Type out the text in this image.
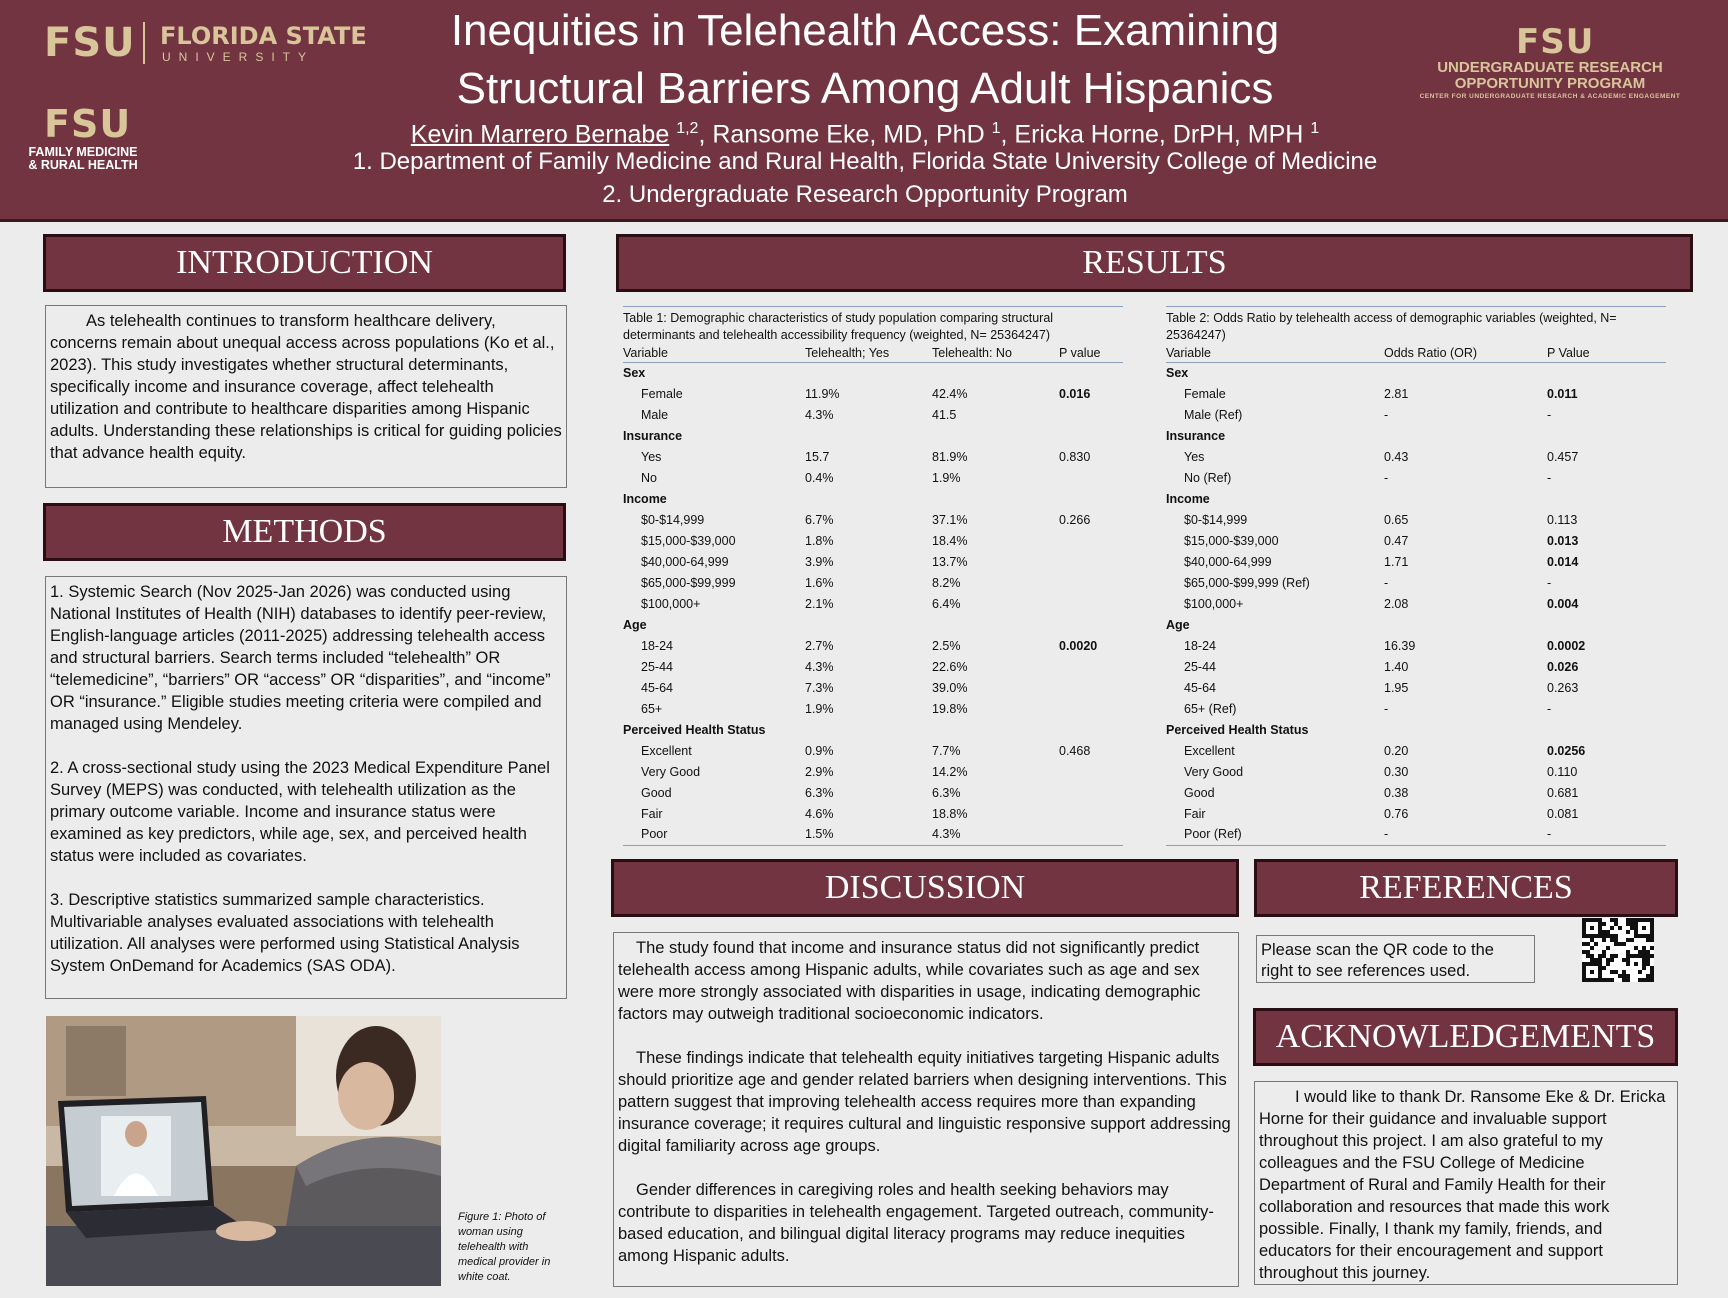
FSU FLORIDA STATE
UNIVERSITY
FSU
FAMILY MEDICINE
& RURAL HEALTH
FSU
UNDERGRADUATE RESEARCH
OPPORTUNITY PROGRAM
CENTER FOR UNDERGRADUATE RESEARCH & ACADEMIC ENGAGEMENT
Inequities in Telehealth Access: Examining
Structural Barriers Among Adult Hispanics
Kevin Marrero Bernabe $^{1,2}$, Ransome Eke, MD, PhD $^1$, Ericka Horne, DrPH, MPH $^1$
1. Department of Family Medicine and Rural Health, Florida State University College of Medicine
2. Undergraduate Research Opportunity Program
INTRODUCTION
As telehealth continues to transform healthcare delivery, concerns remain about unequal access across populations (Ko et al., 2023). This study investigates whether structural determinants, specifically income and insurance coverage, affect telehealth utilization and contribute to healthcare disparities among Hispanic adults. Understanding these relationships is critical for guiding policies that advance health equity.
METHODS

1. Systemic Search (Nov 2025-Jan 2026) was conducted using National Institutes of Health (NIH) databases to identify peer-review, English-language articles (2011-2025) addressing telehealth access and structural barriers. Search terms included “telehealth” OR “telemedicine”, “barriers” OR “access” OR “disparities”, and “income” OR “insurance.” Eligible studies meeting criteria were compiled and managed using Mendeley.

2. A cross-sectional study using the 2023 Medical Expenditure Panel Survey (MEPS) was conducted, with telehealth utilization as the primary outcome variable. Income and insurance status were examined as key predictors, while age, sex, and perceived health status were included as covariates.

3. Descriptive statistics summarized sample characteristics. Multivariable analyses evaluated associations with telehealth utilization. All analyses were performed using Statistical Analysis System OnDemand for Academics (SAS ODA).

Figure 1: Photo of woman using telehealth with medical provider in white coat.
RESULTS
Table 1: Demographic characteristics of study population comparing structural determinants and telehealth accessibility frequency (weighted, N= 25364247)
Variable	Telehealth; Yes	Telehealth: No	P value
Sex			
Female	11.9%	42.4%	0.016
Male	4.3%	41.5	
Insurance			
Yes	15.7	81.9%	0.830
No	0.4%	1.9%	
Income			
$0-$14,999	6.7%	37.1%	0.266
$15,000-$39,000	1.8%	18.4%	
$40,000-64,999	3.9%	13.7%	
$65,000-$99,999	1.6%	8.2%	
$100,000+	2.1%	6.4%	
Age			
18-24	2.7%	2.5%	0.0020
25-44	4.3%	22.6%	
45-64	7.3%	39.0%	
65+	1.9%	19.8%	
Perceived Health Status			
Excellent	0.9%	7.7%	0.468
Very Good	2.9%	14.2%	
Good	6.3%	6.3%	
Fair	4.6%	18.8%	
Poor	1.5%	4.3%	
Table 2: Odds Ratio by telehealth access of demographic variables (weighted, N= 25364247)
Variable	Odds Ratio (OR)	P Value
Sex		
Female	2.81	0.011
Male (Ref)	-	-
Insurance		
Yes	0.43	0.457
No (Ref)	-	-
Income		
$0-$14,999	0.65	0.113
$15,000-$39,000	0.47	0.013
$40,000-64,999	1.71	0.014
$65,000-$99,999 (Ref)	-	-
$100,000+	2.08	0.004
Age		
18-24	16.39	0.0002
25-44	1.40	0.026
45-64	1.95	0.263
65+ (Ref)	-	-
Perceived Health Status		
Excellent	0.20	0.0256
Very Good	0.30	0.110
Good	0.38	0.681
Fair	0.76	0.081
Poor (Ref)	-	-
DISCUSSION

The study found that income and insurance status did not significantly predict telehealth access among Hispanic adults, while covariates such as age and sex were more strongly associated with disparities in usage, indicating demographic factors may outweigh traditional socioeconomic indicators.

These findings indicate that telehealth equity initiatives targeting Hispanic adults should prioritize age and gender related barriers when designing interventions. This pattern suggest that improving telehealth access requires more than expanding insurance coverage; it requires cultural and linguistic responsive support addressing digital familiarity across age groups.

Gender differences in caregiving roles and health seeking behaviors may contribute to disparities in telehealth engagement. Targeted outreach, community-based education, and bilingual digital literacy programs may reduce inequities among Hispanic adults.

REFERENCES
Please scan the QR code to the right to see references used.
ACKNOWLEDGEMENTS
I would like to thank Dr. Ransome Eke & Dr. Ericka Horne for their guidance and invaluable support throughout this project. I am also grateful to my colleagues and the FSU College of Medicine Department of Rural and Family Health for their collaboration and resources that made this work possible. Finally, I thank my family, friends, and educators for their encouragement and support throughout this journey.
